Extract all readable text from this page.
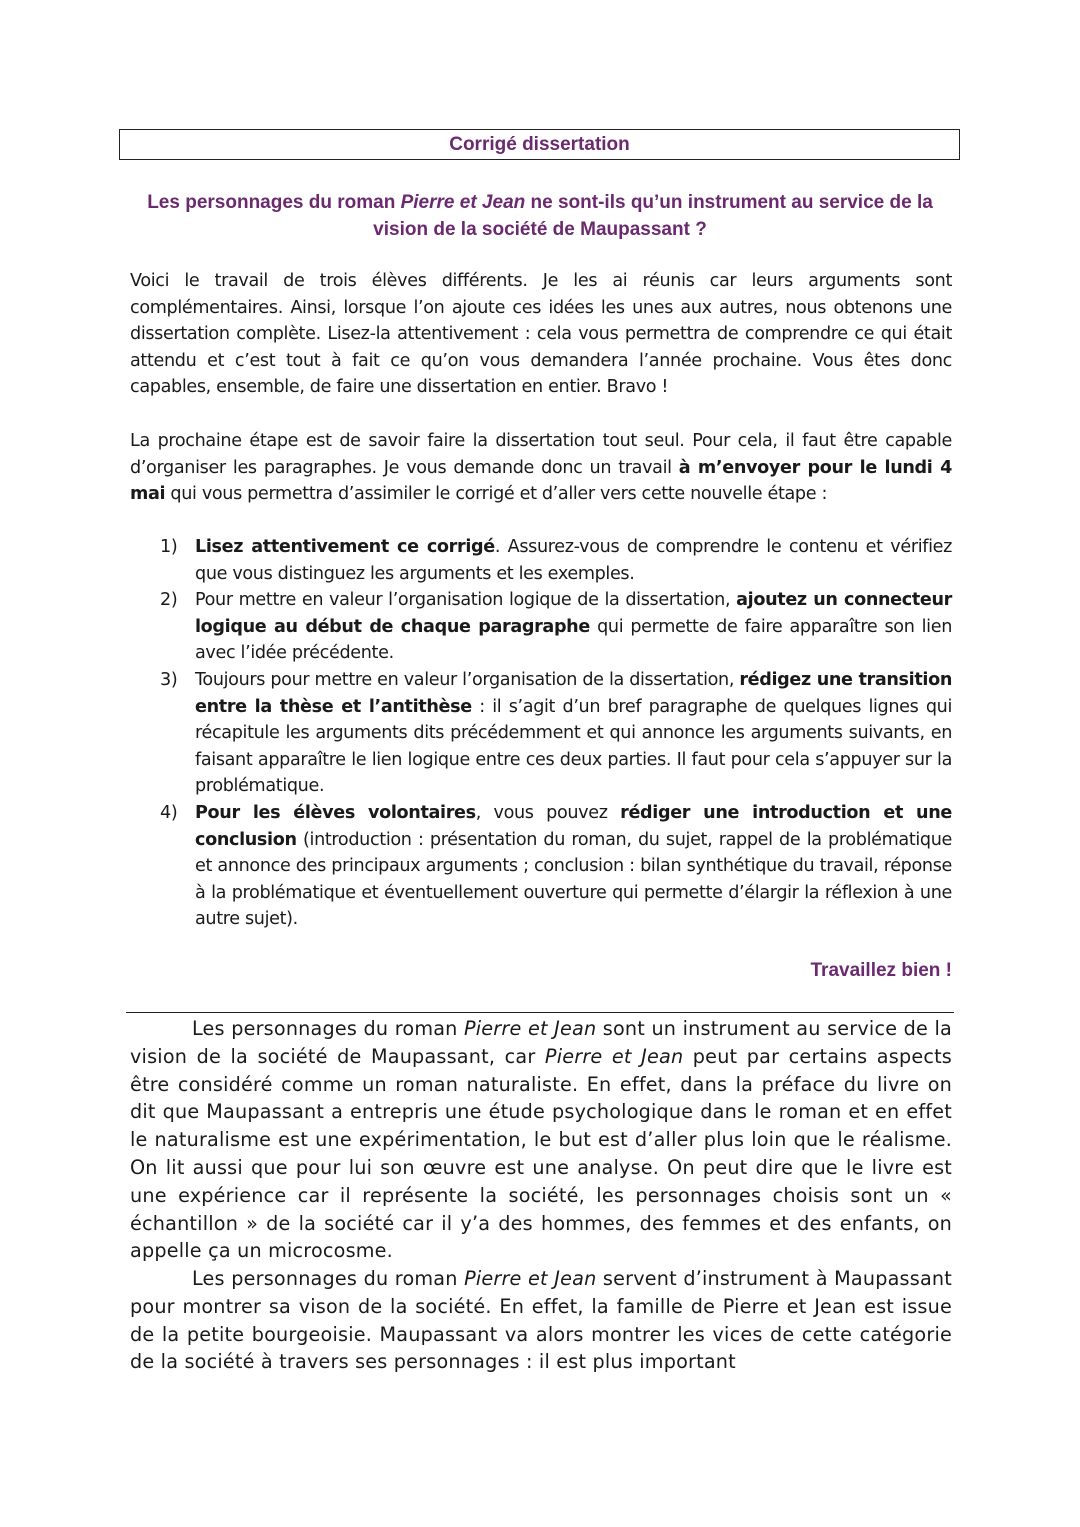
Corrigé dissertation
Les personnages du roman Pierre et Jean ne sont-ils qu’un instrument au service de la vision de la société de Maupassant ?

Voici le travail de trois élèves différents. Je les ai réunis car leurs arguments sont complémentaires. Ainsi, lorsque l’on ajoute ces idées les unes aux autres, nous obtenons une dissertation complète. Lisez-la attentivement : cela vous permettra de comprendre ce qui était attendu et c’est tout à fait ce qu’on vous demandera l’année prochaine. Vous êtes donc capables, ensemble, de faire une dissertation en entier. Bravo !

La prochaine étape est de savoir faire la dissertation tout seul. Pour cela, il faut être capable d’organiser les paragraphes. Je vous demande donc un travail à m’envoyer pour le lundi 4 mai qui vous permettra d’assimiler le corrigé et d’aller vers cette nouvelle étape :

1) Lisez attentivement ce corrigé. Assurez-vous de comprendre le contenu et vérifiez que vous distinguez les arguments et les exemples.
2) Pour mettre en valeur l’organisation logique de la dissertation, ajoutez un connecteur logique au début de chaque paragraphe qui permette de faire apparaître son lien avec l’idée précédente.
3) Toujours pour mettre en valeur l’organisation de la dissertation, rédigez une transition entre la thèse et l’antithèse : il s’agit d’un bref paragraphe de quelques lignes qui récapitule les arguments dits précédemment et qui annonce les arguments suivants, en faisant apparaître le lien logique entre ces deux parties. Il faut pour cela s’appuyer sur la problématique.
4) Pour les élèves volontaires, vous pouvez rédiger une introduction et une conclusion (introduction : présentation du roman, du sujet, rappel de la problématique et annonce des principaux arguments ; conclusion : bilan synthétique du travail, réponse à la problématique et éventuellement ouverture qui permette d’élargir la réflexion à une autre sujet).
Travaillez bien !

Les personnages du roman Pierre et Jean sont un instrument au service de la vision de la société de Maupassant, car Pierre et Jean peut par certains aspects être considéré comme un roman naturaliste. En effet, dans la préface du livre on dit que Maupassant a entrepris une étude psychologique dans le roman et en effet le naturalisme est une expérimentation, le but est d’aller plus loin que le réalisme. On lit aussi que pour lui son œuvre est une analyse. On peut dire que le livre est une expérience car il représente la société, les personnages choisis sont un « échantillon » de la société car il y’a des hommes, des femmes et des enfants, on appelle ça un microcosme.

Les personnages du roman Pierre et Jean servent d’instrument à Maupassant pour montrer sa vison de la société. En effet, la famille de Pierre et Jean est issue de la petite bourgeoisie. Maupassant va alors montrer les vices de cette catégorie de la société à travers ses personnages : il est plus important
